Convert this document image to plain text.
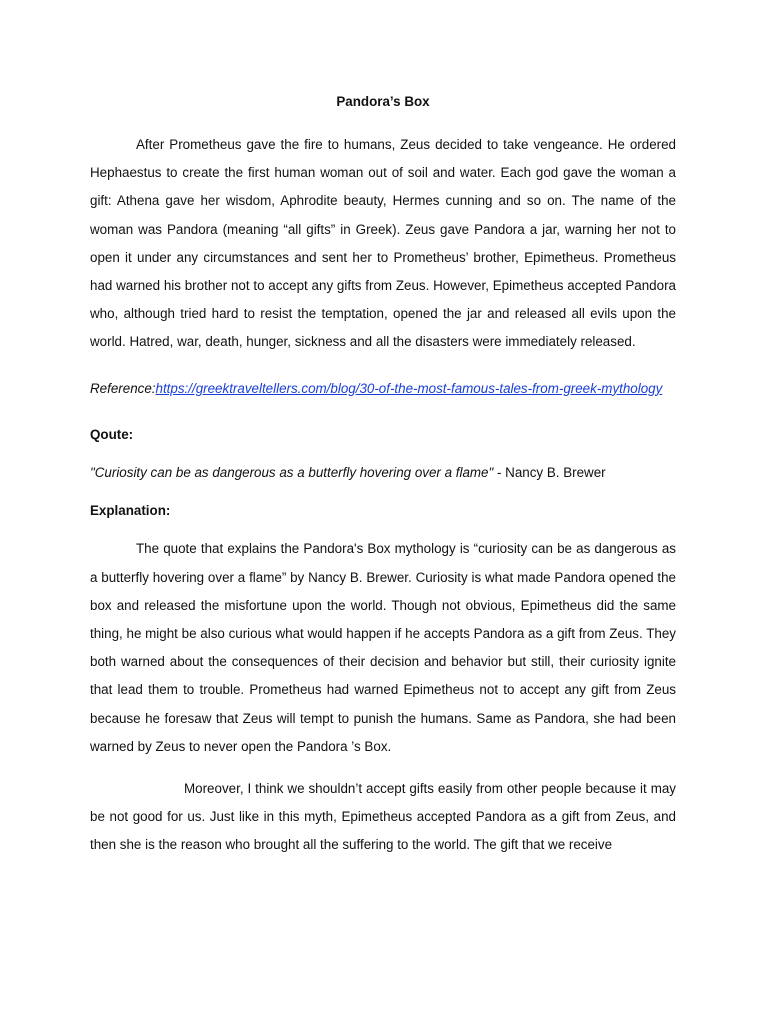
Pandora’s Box

After Prometheus gave the fire to humans, Zeus decided to take vengeance. He ordered Hephaestus to create the first human woman out of soil and water. Each god gave the woman a gift: Athena gave her wisdom, Aphrodite beauty, Hermes cunning and so on. The name of the woman was Pandora (meaning “all gifts” in Greek). Zeus gave Pandora a jar, warning her not to open it under any circumstances and sent her to Prometheus’ brother, Epimetheus. Prometheus had warned his brother not to accept any gifts from Zeus. However, Epimetheus accepted Pandora who, although tried hard to resist the temptation, opened the jar and released all evils upon the world. Hatred, war, death, hunger, sickness and all the disasters were immediately released.

Reference:https://greektraveltellers.com/blog/30-of-the-most-famous-tales-from-greek-mythology

Qoute:

"Curiosity can be as dangerous as a butterfly hovering over a flame" - Nancy B. Brewer

Explanation:

The quote that explains the Pandora's Box mythology is “curiosity can be as dangerous as a butterfly hovering over a flame” by Nancy B. Brewer. Curiosity is what made Pandora opened the box and released the misfortune upon the world. Though not obvious, Epimetheus did the same thing, he might be also curious what would happen if he accepts Pandora as a gift from Zeus. They both warned about the consequences of their decision and behavior but still, their curiosity ignite that lead them to trouble. Prometheus had warned Epimetheus not to accept any gift from Zeus because he foresaw that Zeus will tempt to punish the humans. Same as Pandora, she had been warned by Zeus to never open the Pandora ’s Box.

Moreover, I think we shouldn’t accept gifts easily from other people because it may be not good for us. Just like in this myth, Epimetheus accepted Pandora as a gift from Zeus, and then she is the reason who brought all the suffering to the world. The gift that we receive
